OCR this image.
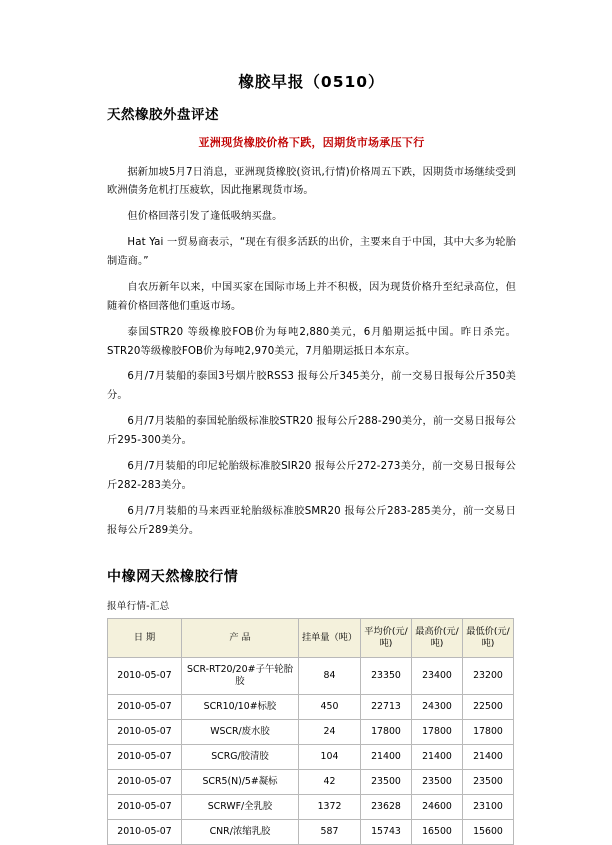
橡胶早报（0510）
天然橡胶外盘评述
亚洲现货橡胶价格下跌，因期货市场承压下行

据新加坡5月7日消息，亚洲现货橡胶(资讯,行情)价格周五下跌，因期货市场继续受到欧洲债务危机打压疲软，因此拖累现货市场。

但价格回落引发了逢低吸纳买盘。

Hat Yai 一贸易商表示，“现在有很多活跃的出价，主要来自于中国，其中大多为轮胎制造商。”

自农历新年以来，中国买家在国际市场上并不积极，因为现货价格升至纪录高位，但随着价格回落他们重返市场。

泰国STR20 等级橡胶FOB价为每吨2,880美元，6月船期运抵中国。昨日杀完。STR20等级橡胶FOB价为每吨2,970美元，7月船期运抵日本东京。

6月/7月装船的泰国3号烟片胶RSS3 报每公斤345美分，前一交易日报每公斤350美分。

6月/7月装船的泰国轮胎级标准胶STR20 报每公斤288-290美分，前一交易日报每公斤295-300美分。

6月/7月装船的印尼轮胎级标准胶SIR20 报每公斤272-273美分，前一交易日报每公斤282-283美分。

6月/7月装船的马来西亚轮胎级标准胶SMR20 报每公斤283-285美分，前一交易日报每公斤289美分。

中橡网天然橡胶行情
报单行情-汇总
日 期	产 品	挂单量（吨）	平均价(元/吨)	最高价(元/吨)	最低价(元/吨)
2010-05-07	SCR-RT20/20#子午轮胎胶	84	23350	23400	23200
2010-05-07	SCR10/10#标胶	450	22713	24300	22500
2010-05-07	WSCR/废水胶	24	17800	17800	17800
2010-05-07	SCRG/胶清胶	104	21400	21400	21400
2010-05-07	SCR5(N)/5#凝标	42	23500	23500	23500
2010-05-07	SCRWF/全乳胶	1372	23628	24600	23100
2010-05-07	CNR/浓缩乳胶	587	15743	16500	15600
